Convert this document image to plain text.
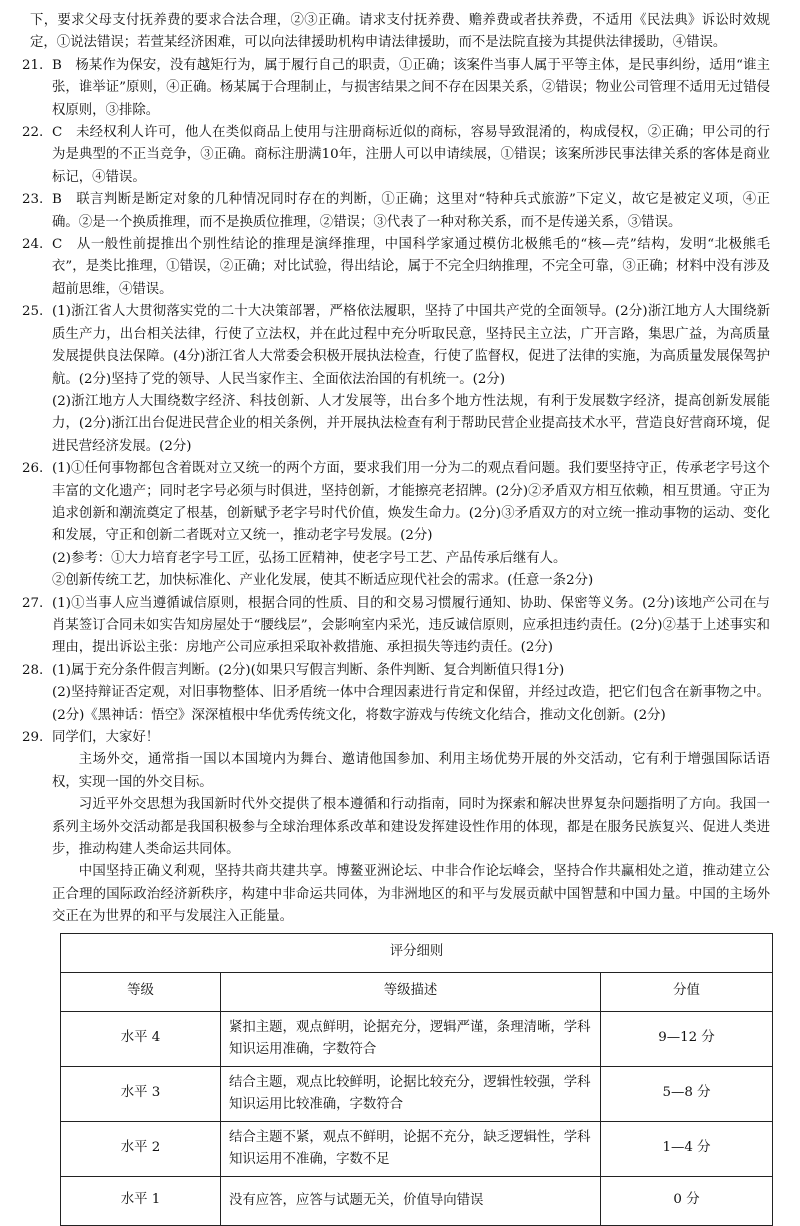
下，要求父母支付抚养费的要求合法合理，②③正确。请求支付抚养费、赡养费或者扶养费，不适用《民法典》诉讼时效规定，①说法错误；若萱某经济困难，可以向法律援助机构申请法律援助，而不是法院直接为其提供法律援助，④错误。

21. B　杨某作为保安，没有越矩行为，属于履行自己的职责，①正确；该案件当事人属于平等主体，是民事纠纷，适用“谁主张，谁举证”原则，④正确。杨某属于合理制止，与损害结果之间不存在因果关系，②错误；物业公司管理不适用无过错侵权原则，③排除。

22. C　未经权利人许可，他人在类似商品上使用与注册商标近似的商标，容易导致混淆的，构成侵权，②正确；甲公司的行为是典型的不正当竞争，③正确。商标注册满10年，注册人可以申请续展，①错误；该案所涉民事法律关系的客体是商业标记，④错误。

23. B　联言判断是断定对象的几种情况同时存在的判断，①正确；这里对“特种兵式旅游”下定义，故它是被定义项，④正确。②是一个换质推理，而不是换质位推理，②错误；③代表了一种对称关系，而不是传递关系，③错误。

24. C　从一般性前提推出个别性结论的推理是演绎推理，中国科学家通过模仿北极熊毛的“核—壳”结构，发明“北极熊毛衣”，是类比推理，①错误，②正确；对比试验，得出结论，属于不完全归纳推理，不完全可靠，③正确；材料中没有涉及超前思维，④错误。

25. (1)浙江省人大贯彻落实党的二十大决策部署，严格依法履职，坚持了中国共产党的全面领导。(2分)浙江地方人大围绕新质生产力，出台相关法律，行使了立法权，并在此过程中充分听取民意，坚持民主立法，广开言路，集思广益，为高质量发展提供良法保障。(4分)浙江省人大常委会积极开展执法检查，行使了监督权，促进了法律的实施，为高质量发展保驾护航。(2分)坚持了党的领导、人民当家作主、全面依法治国的有机统一。(2分)

(2)浙江地方人大围绕数字经济、科技创新、人才发展等，出台多个地方性法规，有利于发展数字经济，提高创新发展能力，(2分)浙江出台促进民营企业的相关条例，并开展执法检查有利于帮助民营企业提高技术水平，营造良好营商环境，促进民营经济发展。(2分)

26. (1)①任何事物都包含着既对立又统一的两个方面，要求我们用一分为二的观点看问题。我们要坚持守正，传承老字号这个丰富的文化遗产；同时老字号必须与时俱进，坚持创新，才能擦亮老招牌。(2分)②矛盾双方相互依赖，相互贯通。守正为追求创新和潮流奠定了根基，创新赋予老字号时代价值，焕发生命力。(2分)③矛盾双方的对立统一推动事物的运动、变化和发展，守正和创新二者既对立又统一，推动老字号发展。(2分)

(2)参考：①大力培育老字号工匠，弘扬工匠精神，使老字号工艺、产品传承后继有人。

②创新传统工艺，加快标准化、产业化发展，使其不断适应现代社会的需求。(任意一条2分)

27. (1)①当事人应当遵循诚信原则，根据合同的性质、目的和交易习惯履行通知、协助、保密等义务。(2分)该地产公司在与肖某签订合同未如实告知房屋处于“腰线层”，会影响室内采光，违反诚信原则，应承担违约责任。(2分)②基于上述事实和理由，提出诉讼主张：房地产公司应承担采取补救措施、承担损失等违约责任。(2分)

28. (1)属于充分条件假言判断。(2分)(如果只写假言判断、条件判断、复合判断值只得1分)

(2)坚持辩证否定观，对旧事物整体、旧矛盾统一体中合理因素进行肯定和保留，并经过改造，把它们包含在新事物之中。(2分)《黑神话：悟空》深深植根中华优秀传统文化，将数字游戏与传统文化结合，推动文化创新。(2分)

29. 同学们，大家好！

主场外交，通常指一国以本国境内为舞台、邀请他国参加、利用主场优势开展的外交活动，它有利于增强国际话语权，实现一国的外交目标。

习近平外交思想为我国新时代外交提供了根本遵循和行动指南，同时为探索和解决世界复杂问题指明了方向。我国一系列主场外交活动都是我国积极参与全球治理体系改革和建设发挥建设性作用的体现，都是在服务民族复兴、促进人类进步，推动构建人类命运共同体。

中国坚持正确义利观，坚持共商共建共享。博鳌亚洲论坛、中非合作论坛峰会，坚持合作共赢相处之道，推动建立公正合理的国际政治经济新秩序，构建中非命运共同体，为非洲地区的和平与发展贡献中国智慧和中国力量。中国的主场外交正在为世界的和平与发展注入正能量。

评分细则		
等级	等级描述	分值
水平 4	紧扣主题，观点鲜明，论据充分，逻辑严谨，条理清晰，学科知识运用准确，字数符合	9—12 分
水平 3	结合主题，观点比较鲜明，论据比较充分，逻辑性较强，学科知识运用比较准确，字数符合	5—8 分
水平 2	结合主题不紧，观点不鲜明，论据不充分，缺乏逻辑性，学科知识运用不准确，字数不足	1—4 分
水平 1	没有应答，应答与试题无关，价值导向错误	0 分
